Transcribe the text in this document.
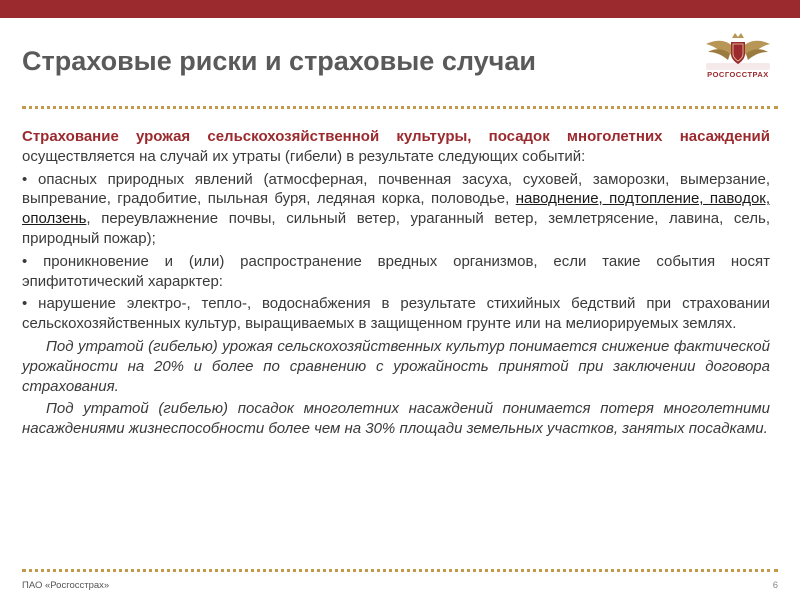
Страховые риски и страховые случаи	РОСГОССТРАХ

Страхование урожая сельскохозяйственной культуры, посадок многолетних насаждений осуществляется на случай их утраты (гибели) в результате следующих событий:

• опасных природных явлений (атмосферная, почвенная засуха, суховей, заморозки, вымерзание, выпревание, градобитие, пыльная буря, ледяная корка, половодье, наводнение, подтопление, паводок, оползень, переувлажнение почвы, сильный ветер, ураганный ветер, землетрясение, лавина, сель, природный пожар);

• проникновение и (или) распространение вредных организмов, если такие события носят эпифитотический харарктер:

• нарушение электро-, тепло-, водоснабжения в результате стихийных бедствий при страховании сельскохозяйственных культур, выращиваемых в защищенном грунте или на мелиорируемых землях.

Под утратой (гибелью) урожая сельскохозяйственных культур понимается снижение фактической урожайности на 20% и более по сравнению с урожайность принятой при заключении договора страхования.

Под утратой (гибелью) посадок многолетних насаждений понимается потеря многолетними насаждениями жизнеспособности более чем на 30% площади земельных участков, занятых посадками.

ПАО «Росгосстрах»	6
